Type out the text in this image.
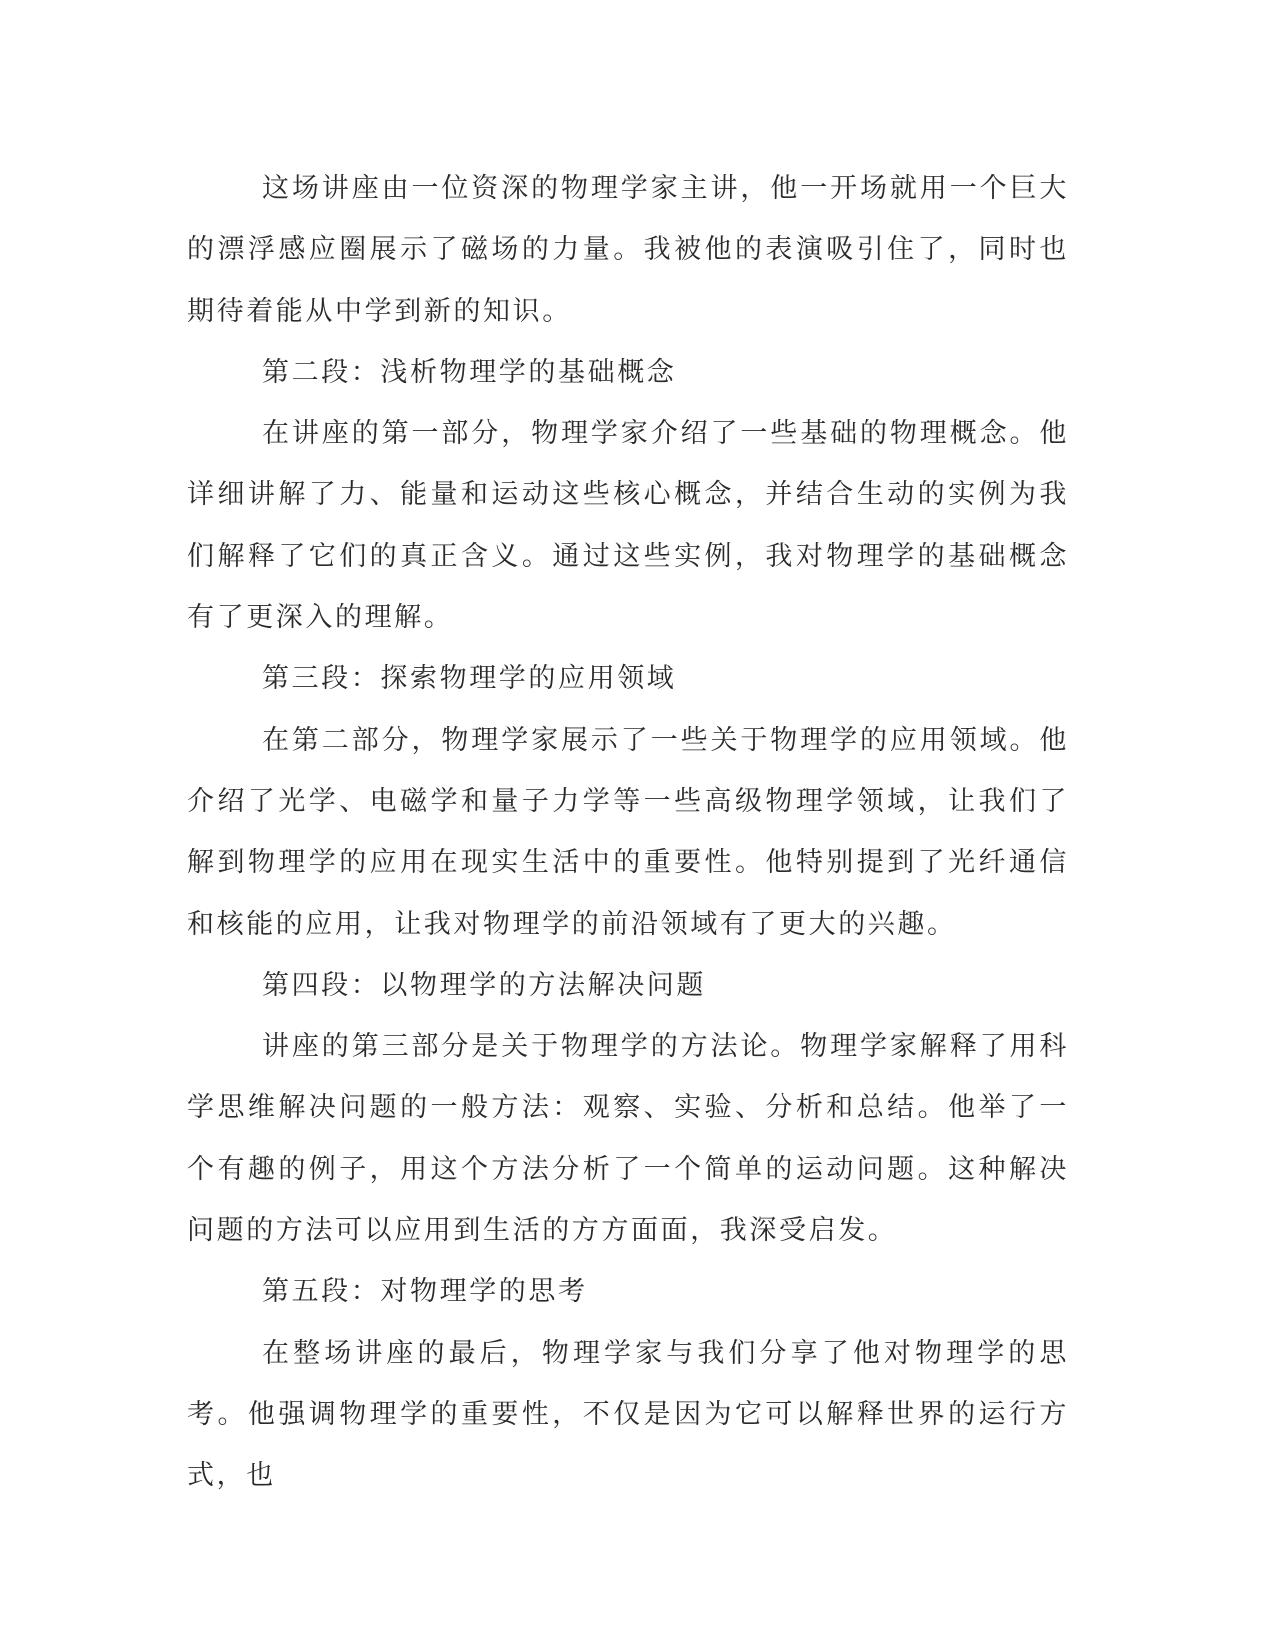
这场讲座由一位资深的物理学家主讲，他一开场就用一个巨大的漂浮感应圈展示了磁场的力量。我被他的表演吸引住了，同时也期待着能从中学到新的知识。

第二段：浅析物理学的基础概念

在讲座的第一部分，物理学家介绍了一些基础的物理概念。他详细讲解了力、能量和运动这些核心概念，并结合生动的实例为我们解释了它们的真正含义。通过这些实例，我对物理学的基础概念有了更深入的理解。

第三段：探索物理学的应用领域

在第二部分，物理学家展示了一些关于物理学的应用领域。他介绍了光学、电磁学和量子力学等一些高级物理学领域，让我们了解到物理学的应用在现实生活中的重要性。他特别提到了光纤通信和核能的应用，让我对物理学的前沿领域有了更大的兴趣。

第四段：以物理学的方法解决问题

讲座的第三部分是关于物理学的方法论。物理学家解释了用科学思维解决问题的一般方法：观察、实验、分析和总结。他举了一个有趣的例子，用这个方法分析了一个简单的运动问题。这种解决问题的方法可以应用到生活的方方面面，我深受启发。

第五段：对物理学的思考

在整场讲座的最后，物理学家与我们分享了他对物理学的思考。他强调物理学的重要性，不仅是因为它可以解释世界的运行方式，也
